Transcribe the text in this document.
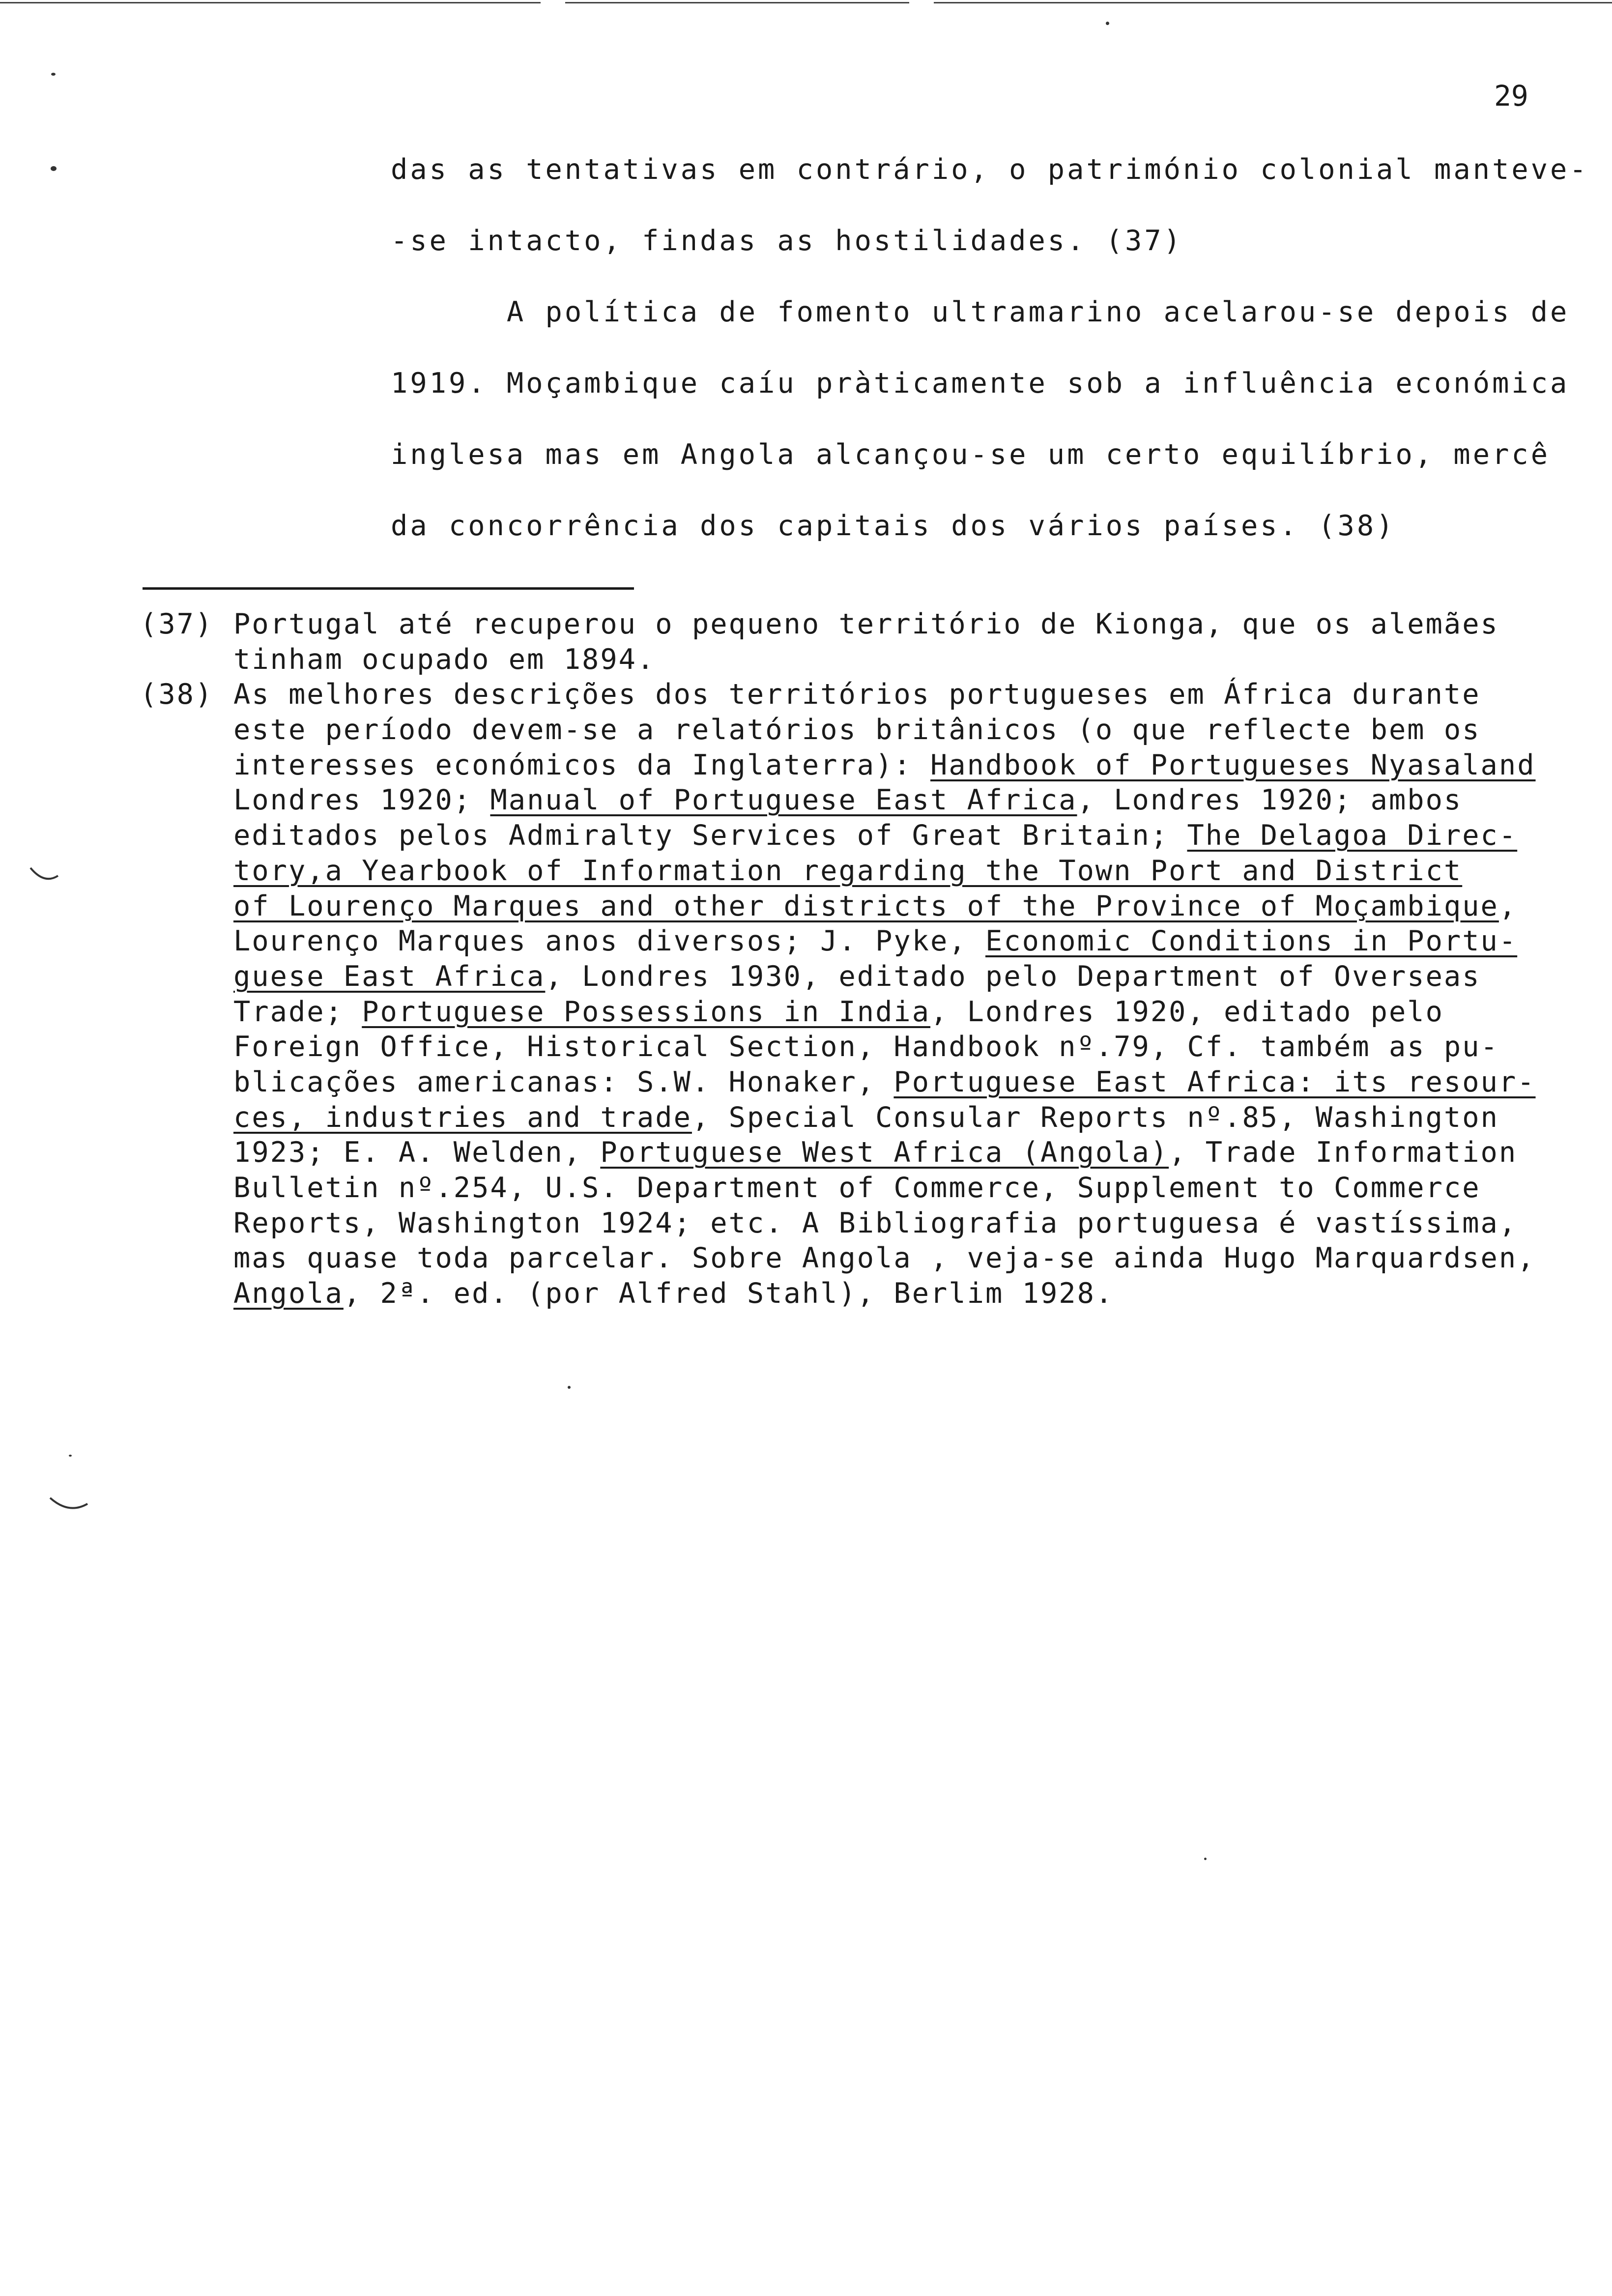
29
das as tentativas em contrário, o património colonial manteve-
-se intacto, findas as hostilidades. (37)
A política de fomento ultramarino acelarou-se depois de
1919. Moçambique caíu pràticamente sob a influência económica
inglesa mas em Angola alcançou-se um certo equilíbrio, mercê
da concorrência dos capitais dos vários países. (38)
(37) Portugal até recuperou o pequeno território de Kionga, que os alemães
tinham ocupado em 1894.
(38) As melhores descrições dos territórios portugueses em África durante
este período devem-se a relatórios britânicos (o que reflecte bem os
interesses económicos da Inglaterra): Handbook of Portugueses Nyasaland
Londres 1920; Manual of Portuguese East Africa, Londres 1920; ambos
editados pelos Admiralty Services of Great Britain; The Delagoa Direc-
tory,a Yearbook of Information regarding the Town Port and District
of Lourenço Marques and other districts of the Province of Moçambique,
Lourenço Marques anos diversos; J. Pyke, Economic Conditions in Portu-
guese East Africa, Londres 1930, editado pelo Department of Overseas
Trade; Portuguese Possessions in India, Londres 1920, editado pelo
Foreign Office, Historical Section, Handbook nº.79, Cf. também as pu-
blicações americanas: S.W. Honaker, Portuguese East Africa: its resour-
ces, industries and trade, Special Consular Reports nº.85, Washington
1923; E. A. Welden, Portuguese West Africa (Angola), Trade Information
Bulletin nº.254, U.S. Department of Commerce, Supplement to Commerce
Reports, Washington 1924; etc. A Bibliografia portuguesa é vastíssima,
mas quase toda parcelar. Sobre Angola , veja-se ainda Hugo Marquardsen,
Angola, 2ª. ed. (por Alfred Stahl), Berlim 1928.
